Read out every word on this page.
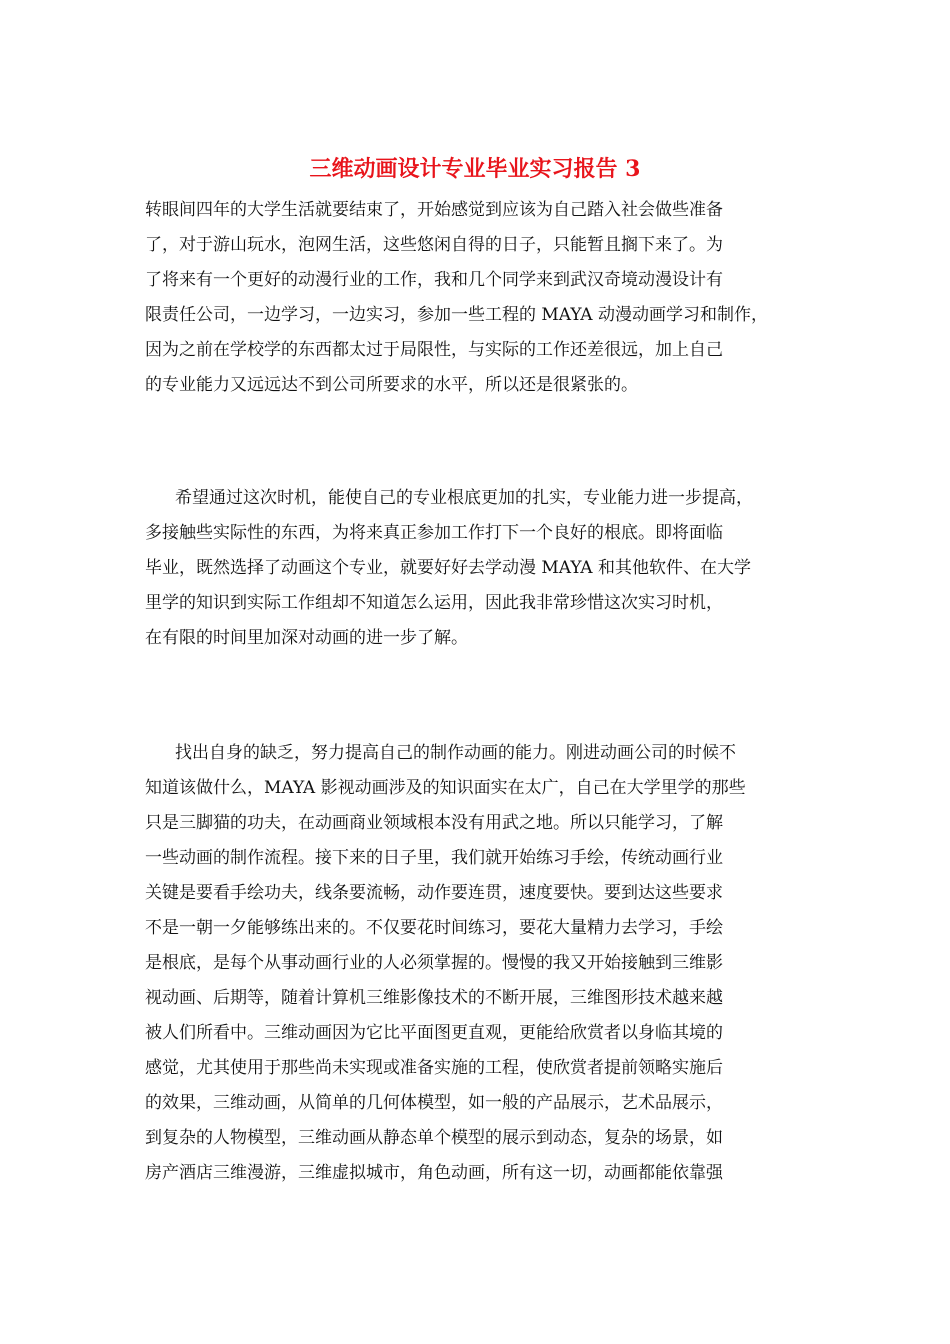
三维动画设计专业毕业实习报告 3
转眼间四年的大学生活就要结束了，开始感觉到应该为自己踏入社会做些准备
了，对于游山玩水，泡网生活，这些悠闲自得的日子，只能暂且搁下来了。为
了将来有一个更好的动漫行业的工作，我和几个同学来到武汉奇境动漫设计有
限责任公司，一边学习，一边实习，参加一些工程的 MAYA 动漫动画学习和制作，
因为之前在学校学的东西都太过于局限性，与实际的工作还差很远，加上自己
的专业能力又远远达不到公司所要求的水平，所以还是很紧张的。
希望通过这次时机，能使自己的专业根底更加的扎实，专业能力进一步提高，
多接触些实际性的东西，为将来真正参加工作打下一个良好的根底。即将面临
毕业，既然选择了动画这个专业，就要好好去学动漫 MAYA 和其他软件、在大学
里学的知识到实际工作组却不知道怎么运用，因此我非常珍惜这次实习时机，
在有限的时间里加深对动画的进一步了解。
找出自身的缺乏，努力提高自己的制作动画的能力。刚进动画公司的时候不
知道该做什么，MAYA 影视动画涉及的知识面实在太广，自己在大学里学的那些
只是三脚猫的功夫，在动画商业领域根本没有用武之地。所以只能学习，了解
一些动画的制作流程。接下来的日子里，我们就开始练习手绘，传统动画行业
关键是要看手绘功夫，线条要流畅，动作要连贯，速度要快。要到达这些要求
不是一朝一夕能够练出来的。不仅要花时间练习，要花大量精力去学习，手绘
是根底，是每个从事动画行业的人必须掌握的。慢慢的我又开始接触到三维影
视动画、后期等，随着计算机三维影像技术的不断开展，三维图形技术越来越
被人们所看中。三维动画因为它比平面图更直观，更能给欣赏者以身临其境的
感觉，尤其使用于那些尚未实现或准备实施的工程，使欣赏者提前领略实施后
的效果，三维动画，从简单的几何体模型，如一般的产品展示，艺术品展示，
到复杂的人物模型，三维动画从静态单个模型的展示到动态，复杂的场景，如
房产酒店三维漫游，三维虚拟城市，角色动画，所有这一切，动画都能依靠强
